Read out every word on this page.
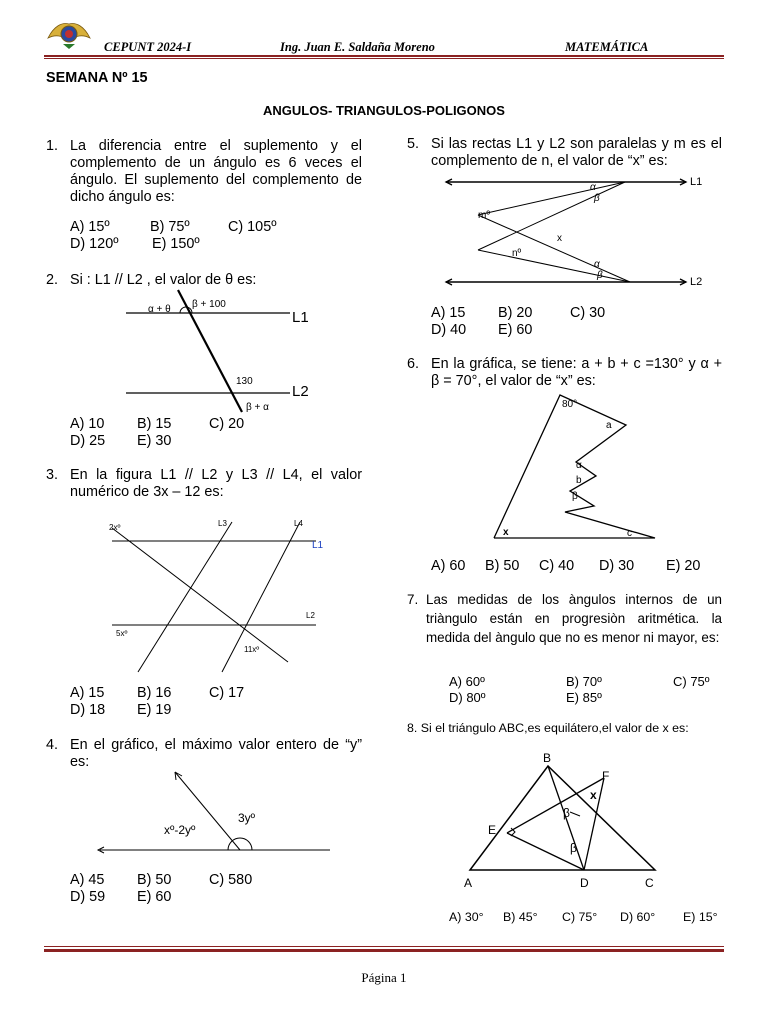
CEPUNT 2024-I	Ing. Juan E. Saldaña Moreno	MATEMÁTICA
SEMANA Nº 15
ANGULOS- TRIANGULOS-POLIGONOS
1. La diferencia entre el suplemento y el complemento de un ángulo es 6 veces el ángulo. El suplemento del complemento de dicho ángulo es:
A) 15º	B) 75º	C) 105º
D) 120º E) 150º
2. Si : L1 // L2 , el valor de θ es:
α + θ β + 100
130
β + α
L1
L2
A) 10 B) 15	C) 20
D) 25 E) 30
3. En la figura L1 // L2 y L3 // L4, el valor numérico de 3x – 12 es:
2xº
5xº
11xº
L3	L4
L1
L2
A) 15 B) 16	C) 17
D) 18 E) 19
4. En el gráfico, el máximo valor entero de “y” es:
3yº
xº-2yº
A) 45 B) 50	C) 580
D) 59 E) 60
5. Si las rectas L1 y L2 son paralelas y m es el complemento de n, el valor de “x” es:
α
β
mº
nº
x
α
β
L1
L2
A) 15 B) 20	C) 30
D) 40 E) 60
6. En la gráfica, se tiene: a + b + c =130° y α + β = 70°, el valor de “x” es:
80°
a
α
b
β
c
x
A) 60 B) 50 C) 40 D) 30 E) 20
7. Las medidas de los àngulos internos de un triàngulo están en progresiòn aritmética. la medida del àngulo que no es menor ni mayor, es:
A) 60º	B) 70º	C) 75º
D) 80º	E) 85º
8. Si el triángulo ABC,es equilátero,el valor de x es:
B
F
x
β
E
β
A	D	C
A) 30° B) 45° C) 75° D) 60° E) 15°
Página 1
